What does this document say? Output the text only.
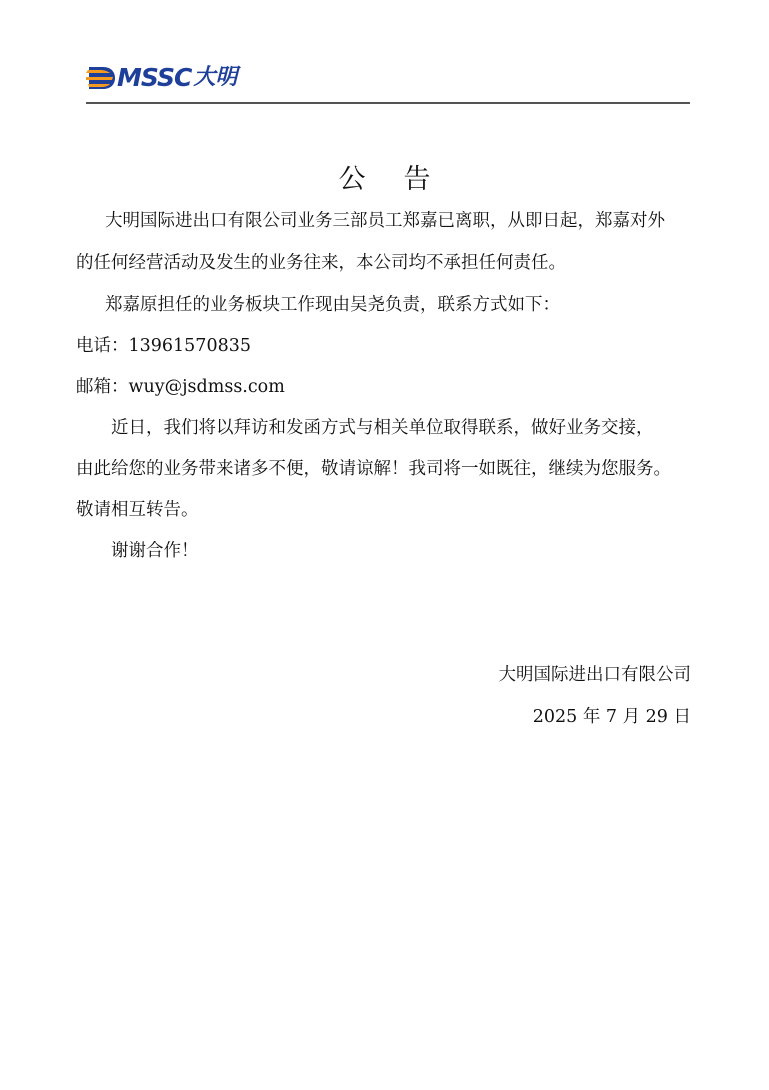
MSSC 大明
公告
大明国际进出口有限公司业务三部员工郑嘉已离职，从即日起，郑嘉对外
的任何经营活动及发生的业务往来，本公司均不承担任何责任。
郑嘉原担任的业务板块工作现由吴尧负责，联系方式如下：
电话：13961570835
邮箱：wuy@jsdmss.com
近日，我们将以拜访和发函方式与相关单位取得联系，做好业务交接，
由此给您的业务带来诸多不便，敬请谅解！我司将一如既往，继续为您服务。
敬请相互转告。
谢谢合作！
大明国际进出口有限公司
2025 年 7 月 29 日
